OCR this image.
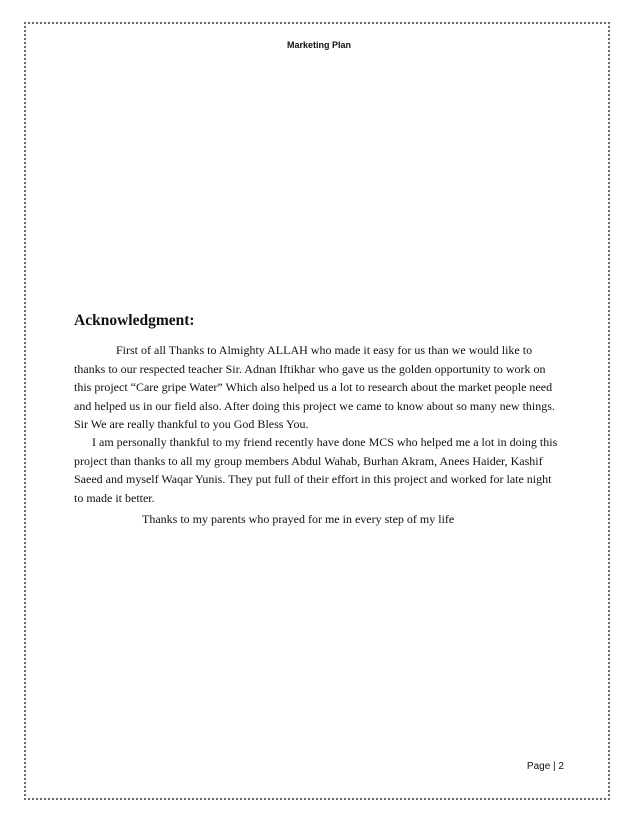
Marketing Plan
Acknowledgment:

First of all Thanks to Almighty ALLAH who made it easy for us than we would like to thanks to our respected teacher Sir. Adnan Iftikhar who gave us the golden opportunity to work on this project “Care gripe Water” Which also helped us a lot to research about the market people need and helped us in our field also. After doing this project we came to know about so many new things. Sir We are really thankful to you God Bless You.

I am personally thankful to my friend recently have done MCS who helped me a lot in doing this project than thanks to all my group members Abdul Wahab, Burhan Akram, Anees Haider, Kashif Saeed and myself Waqar Yunis. They put full of their effort in this project and worked for late night to made it better.

Thanks to my parents who prayed for me in every step of my life

Page | 2
